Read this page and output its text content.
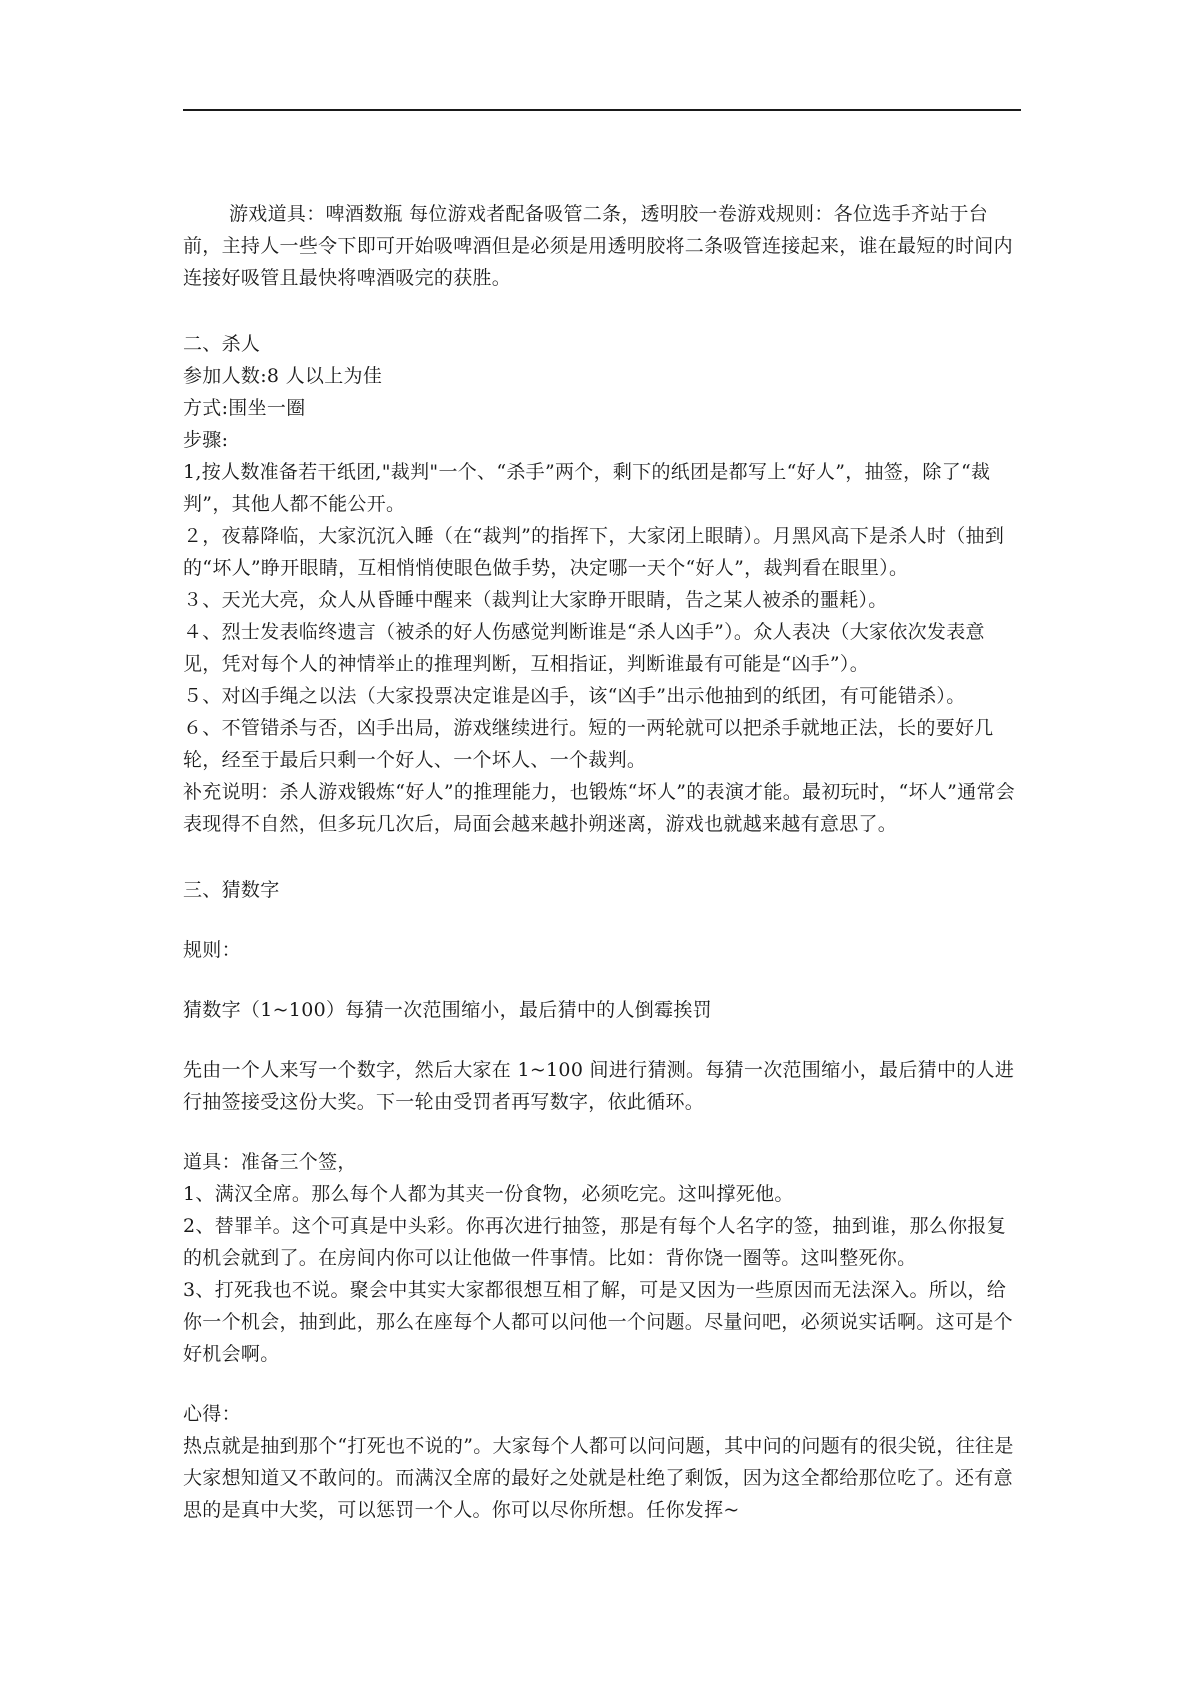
游戏道具：啤酒数瓶 每位游戏者配备吸管二条，透明胶一卷游戏规则：各位选手齐站于台前，主持人一些令下即可开始吸啤酒但是必须是用透明胶将二条吸管连接起来，谁在最短的时间内连接好吸管且最快将啤酒吸完的获胜。

二、杀人

参加人数:8 人以上为佳

方式:围坐一圈

步骤:

1,按人数准备若干纸团,"裁判"一个、“杀手”两个，剩下的纸团是都写上“好人”，抽签，除了“裁判”，其他人都不能公开。

２，夜幕降临，大家沉沉入睡（在“裁判”的指挥下，大家闭上眼睛）。月黑风高下是杀人时（抽到的“坏人”睁开眼睛，互相悄悄使眼色做手势，决定哪一天个“好人”，裁判看在眼里）。

３、天光大亮，众人从昏睡中醒来（裁判让大家睁开眼睛，告之某人被杀的噩耗）。

４、烈士发表临终遗言（被杀的好人伤感觉判断谁是“杀人凶手”）。众人表决（大家依次发表意见，凭对每个人的神情举止的推理判断，互相指证，判断谁最有可能是“凶手”）。

５、对凶手绳之以法（大家投票决定谁是凶手，该“凶手”出示他抽到的纸团，有可能错杀）。

６、不管错杀与否，凶手出局，游戏继续进行。短的一两轮就可以把杀手就地正法，长的要好几轮，经至于最后只剩一个好人、一个坏人、一个裁判。

补充说明：杀人游戏锻炼“好人”的推理能力，也锻炼“坏人”的表演才能。最初玩时，“坏人”通常会表现得不自然，但多玩几次后，局面会越来越扑朔迷离，游戏也就越来越有意思了。

三、猜数字

规则：

猜数字（1~100）每猜一次范围缩小，最后猜中的人倒霉挨罚

先由一个人来写一个数字，然后大家在 1~100 间进行猜测。每猜一次范围缩小，最后猜中的人进行抽签接受这份大奖。下一轮由受罚者再写数字，依此循环。

道具：准备三个签，

1、满汉全席。那么每个人都为其夹一份食物，必须吃完。这叫撑死他。

2、替罪羊。这个可真是中头彩。你再次进行抽签，那是有每个人名字的签，抽到谁，那么你报复的机会就到了。在房间内你可以让他做一件事情。比如：背你饶一圈等。这叫整死你。

3、打死我也不说。聚会中其实大家都很想互相了解，可是又因为一些原因而无法深入。所以，给你一个机会，抽到此，那么在座每个人都可以问他一个问题。尽量问吧，必须说实话啊。这可是个好机会啊。

心得：

热点就是抽到那个“打死也不说的”。大家每个人都可以问问题，其中问的问题有的很尖锐，往往是大家想知道又不敢问的。而满汉全席的最好之处就是杜绝了剩饭，因为这全都给那位吃了。还有意思的是真中大奖，可以惩罚一个人。你可以尽你所想。任你发挥~
